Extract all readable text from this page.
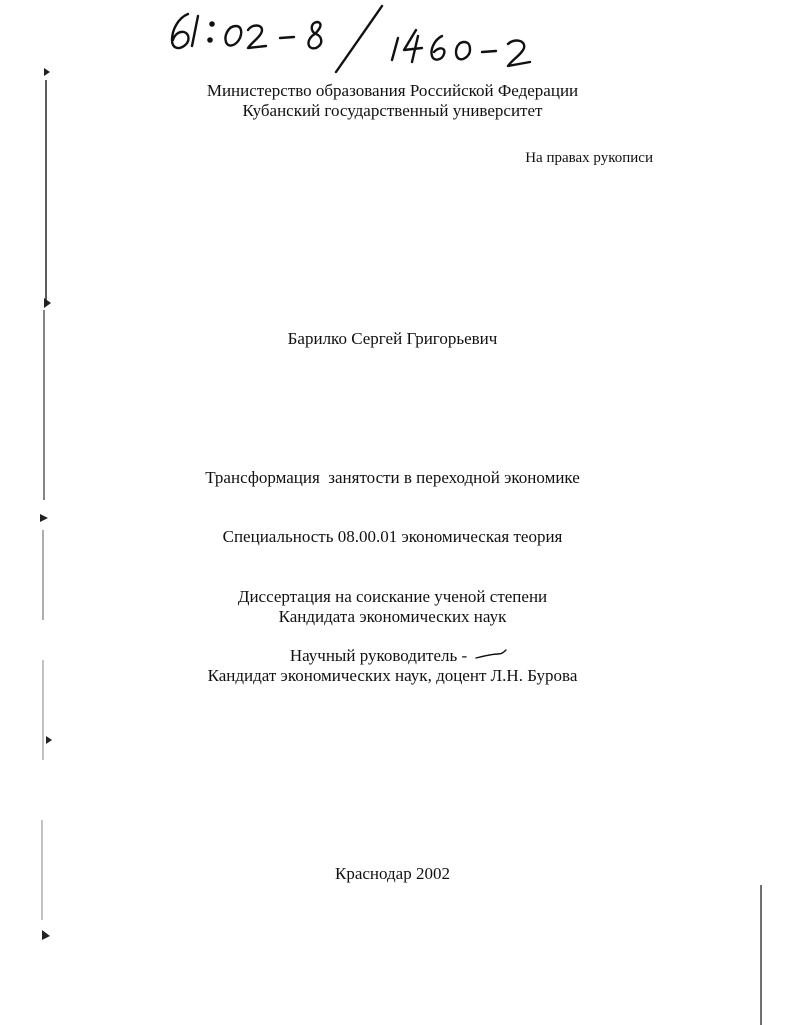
Министерство образования Российской Федерации
Кубанский государственный университет
На правах рукописи
Барилко Сергей Григорьевич
Трансформация  занятости в переходной экономике
Специальность 08.00.01 экономическая теория
Диссертация на соискание ученой степени
Кандидата экономических наук
Научный руководитель -
Кандидат экономических наук, доцент Л.Н. Бурова
Краснодар 2002
